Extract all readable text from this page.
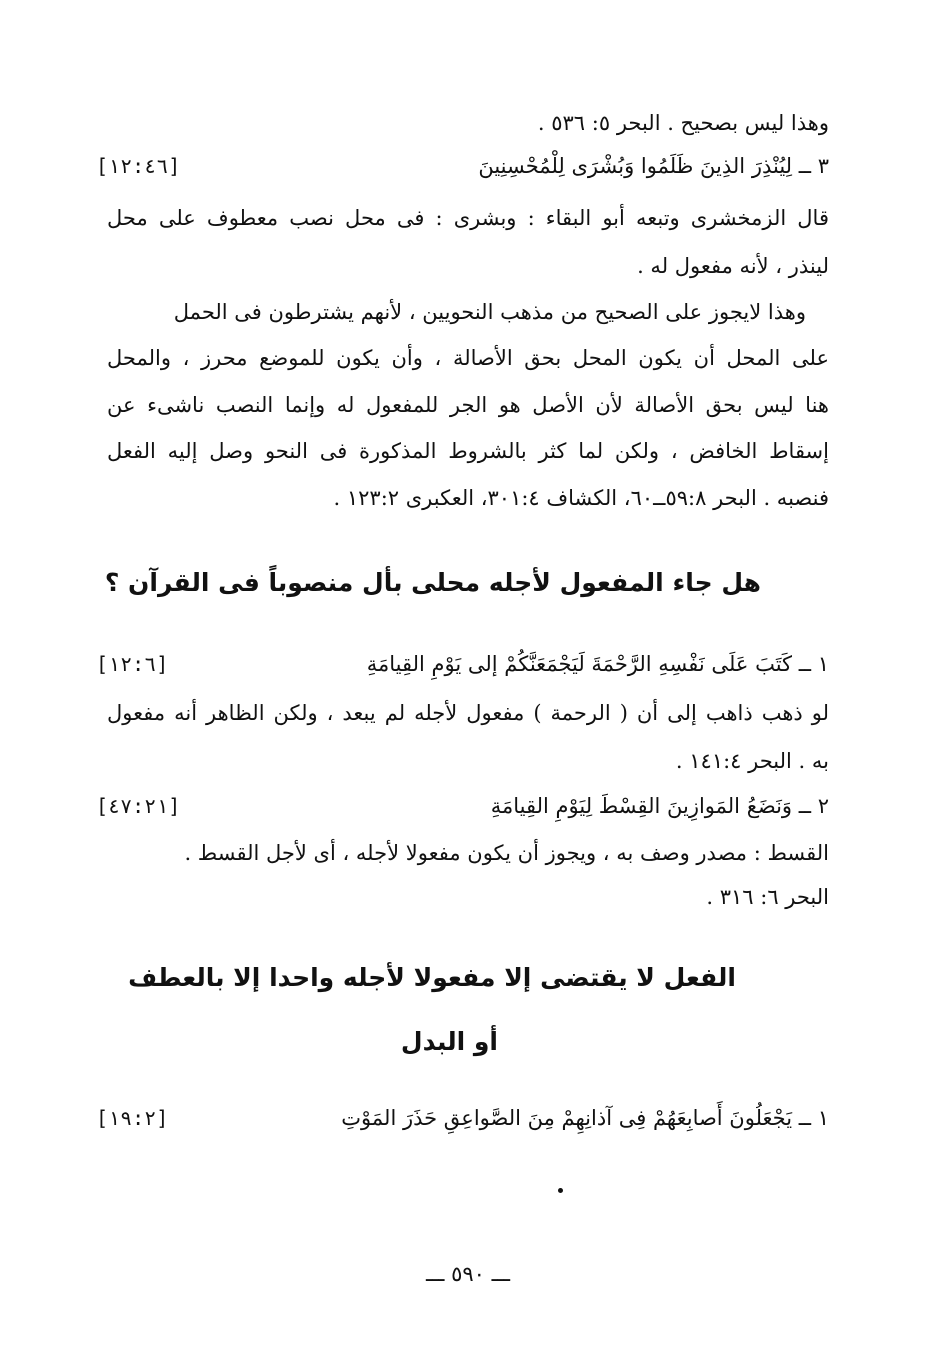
وهذا ليس بصحيح . البحر ٥: ٥٣٦ .
٣ ــ لِيُنْذِرَ الذِينَ ظَلَمُوا وَبُشْرَى لِلْمُحْسِنِينَ
[١٢:٤٦]
قال الزمخشرى وتبعه أبو البقاء : وبشرى : فى محل نصب معطوف على محل
لينذر ، لأنه مفعول له .
وهذا لايجوز على الصحيح من مذهب النحويين ، لأنهم يشترطون فى الحمل
على المحل أن يكون المحل بحق الأصالة ، وأن يكون للموضع محرز ، والمحل
هنا ليس بحق الأصالة لأن الأصل هو الجر للمفعول له وإنما النصب ناشىء عن
إسقاط الخافض ، ولكن لما كثر بالشروط المذكورة فى النحو وصل إليه الفعل
فنصبه . البحر ٥٩:٨ــ٦٠، الكشاف ٣٠١:٤، العكبرى ١٢٣:٢ .
هل جاء المفعول لأجله محلى بأل منصوباً فى القرآن ؟
١ ــ كَتَبَ عَلَى نَفْسِهِ الرَّحْمَةَ لَيَجْمَعَنَّكُمْ إلى يَوْمِ القِيامَةِ
[١٢:٦]
لو ذهب ذاهب إلى أن ( الرحمة ) مفعول لأجله لم يبعد ، ولكن الظاهر أنه مفعول
به . البحر ١٤١:٤ .
٢ ــ وَنَضَعُ المَوازِينَ القِسْطَ لِيَوْمِ القِيامَةِ
[٤٧:٢١]
القسط : مصدر وصف به ، ويجوز أن يكون مفعولا لأجله ، أى لأجل القسط .
البحر ٦: ٣١٦ .
الفعل لا يقتضى إلا مفعولا لأجله واحدا إلا بالعطف
أو البدل
١ ــ يَجْعَلُونَ أَصابِعَهُمْ فِى آذانِهِمْ مِنَ الصَّواعِقِ حَذَرَ المَوْتِ
[١٩:٢]
ـــ ٥٩٠ ـــ
